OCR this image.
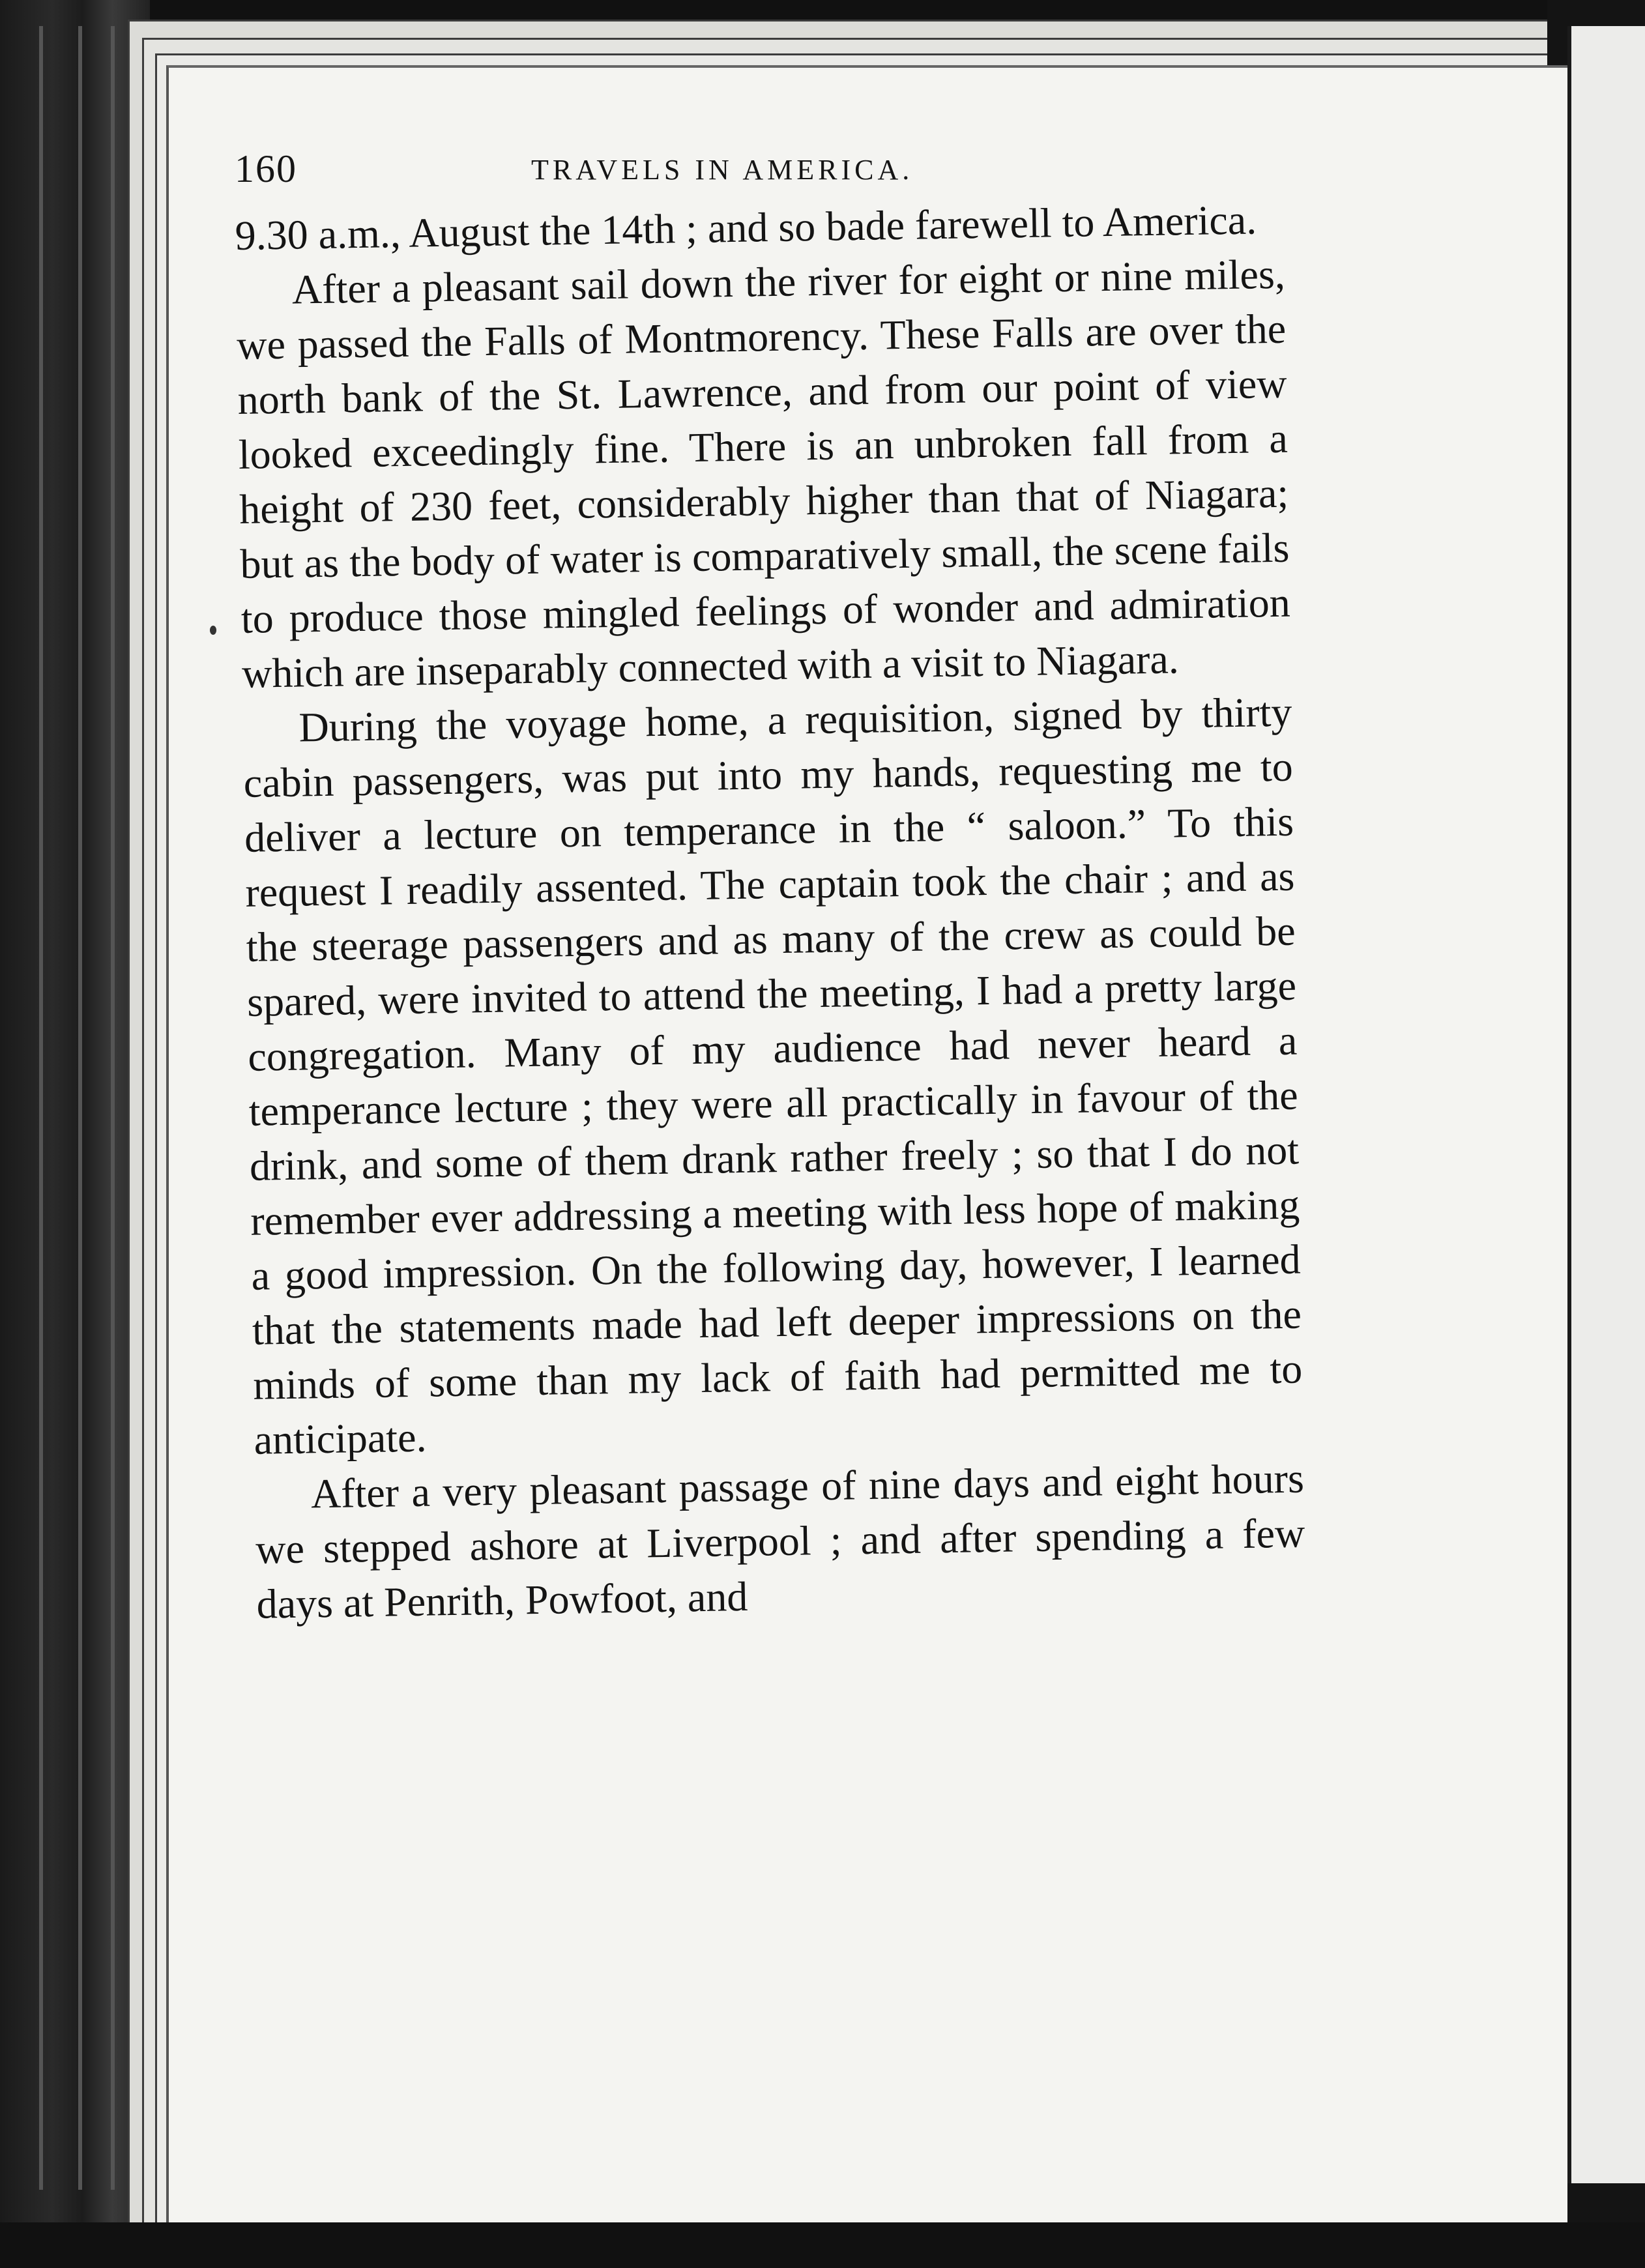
160	TRAVELS IN AMERICA.

9.30 a.m., August the 14th ; and so bade farewell to America.

After a pleasant sail down the river for eight or nine miles, we passed the Falls of Montmorency. These Falls are over the north bank of the St. Lawrence, and from our point of view looked exceedingly fine. There is an unbroken fall from a height of 230 feet, considerably higher than that of Niagara; but as the body of water is comparatively small, the scene fails to produce those mingled feelings of wonder and admiration which are inseparably connected with a visit to Niagara.

During the voyage home, a requisition, signed by thirty cabin passengers, was put into my hands, requesting me to deliver a lecture on temperance in the “ saloon.” To this request I readily assented. The captain took the chair ; and as the steerage passengers and as many of the crew as could be spared, were invited to attend the meeting, I had a pretty large congregation. Many of my audience had never heard a temperance lecture ; they were all practically in favour of the drink, and some of them drank rather freely ; so that I do not remember ever addressing a meeting with less hope of making a good impression. On the following day, however, I learned that the statements made had left deeper impressions on the minds of some than my lack of faith had permitted me to anticipate.

After a very pleasant passage of nine days and eight hours we stepped ashore at Liverpool ; and after spending a few days at Penrith, Powfoot, and
